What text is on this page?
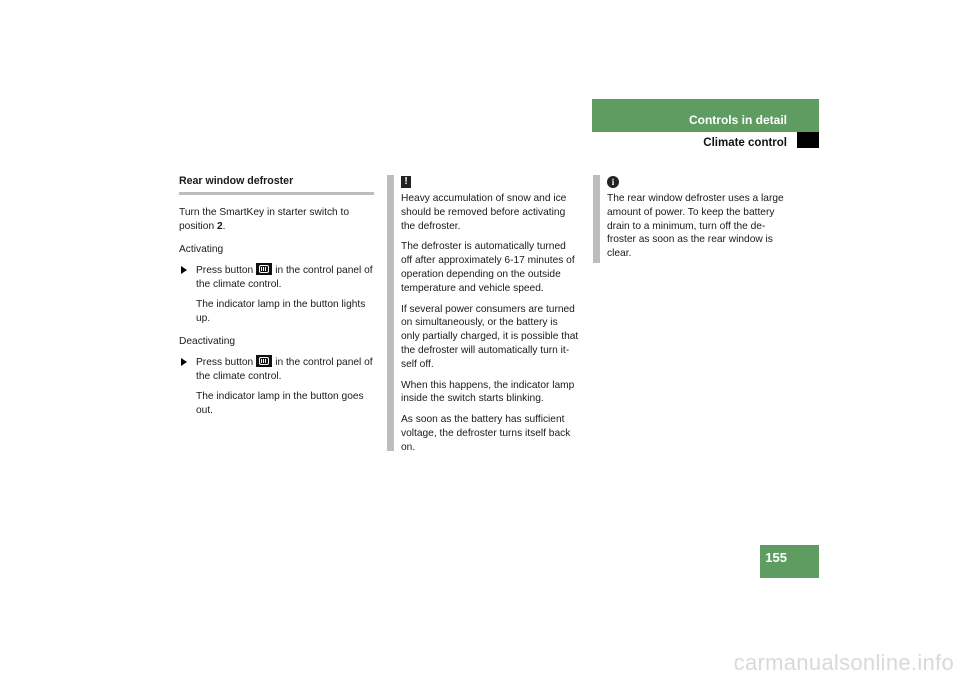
Controls in detail
Climate control
Rear window defroster

Turn the SmartKey in starter switch to position 2.

Activating
Press button in the control panel of the climate control.
The indicator lamp in the button lights up.
Deactivating
Press button in the control panel of the climate control.
The indicator lamp in the button goes out.
!

Heavy accumulation of snow and ice should be removed before activating the defroster.

The defroster is automatically turned off after approximately 6-17 minutes of operation depending on the outside temperature and vehicle speed.

If several power consumers are turned on simultaneously, or the battery is only partially charged, it is possible that the defroster will automatically turn it-self off.

When this happens, the indicator lamp inside the switch starts blinking.

As soon as the battery has sufficient voltage, the defroster turns itself back on.

i

The rear window defroster uses a large amount of power. To keep the battery drain to a minimum, turn off the de-froster as soon as the rear window is clear.

155
carmanualsonline.info
